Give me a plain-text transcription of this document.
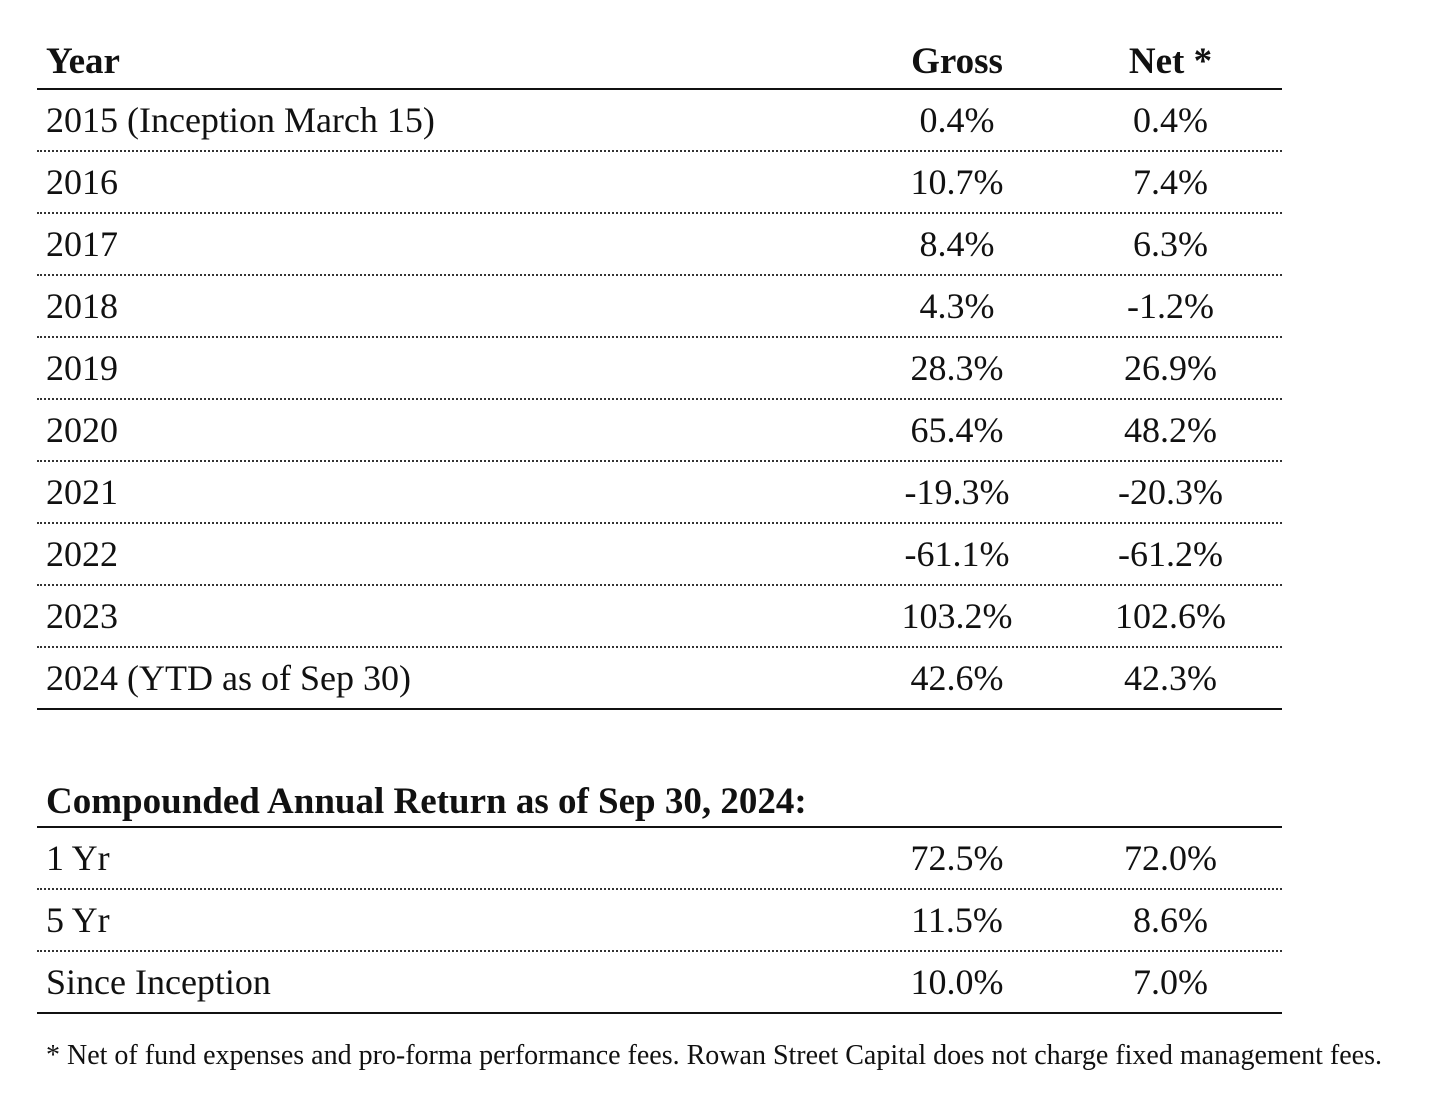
Year	Gross	Net *
2015 (Inception March 15)	0.4%	0.4%
2016	10.7%	7.4%
2017	8.4%	6.3%
2018	4.3%	-1.2%
2019	28.3%	26.9%
2020	65.4%	48.2%
2021	-19.3%	-20.3%
2022	-61.1%	-61.2%
2023	103.2%	102.6%
2024 (YTD as of Sep 30)	42.6%	42.3%
Compounded Annual Return as of Sep 30, 2024:
1 Yr	72.5%	72.0%
5 Yr	11.5%	8.6%
Since Inception	10.0%	7.0%
* Net of fund expenses and pro-forma performance fees. Rowan Street Capital does not charge fixed management fees.
